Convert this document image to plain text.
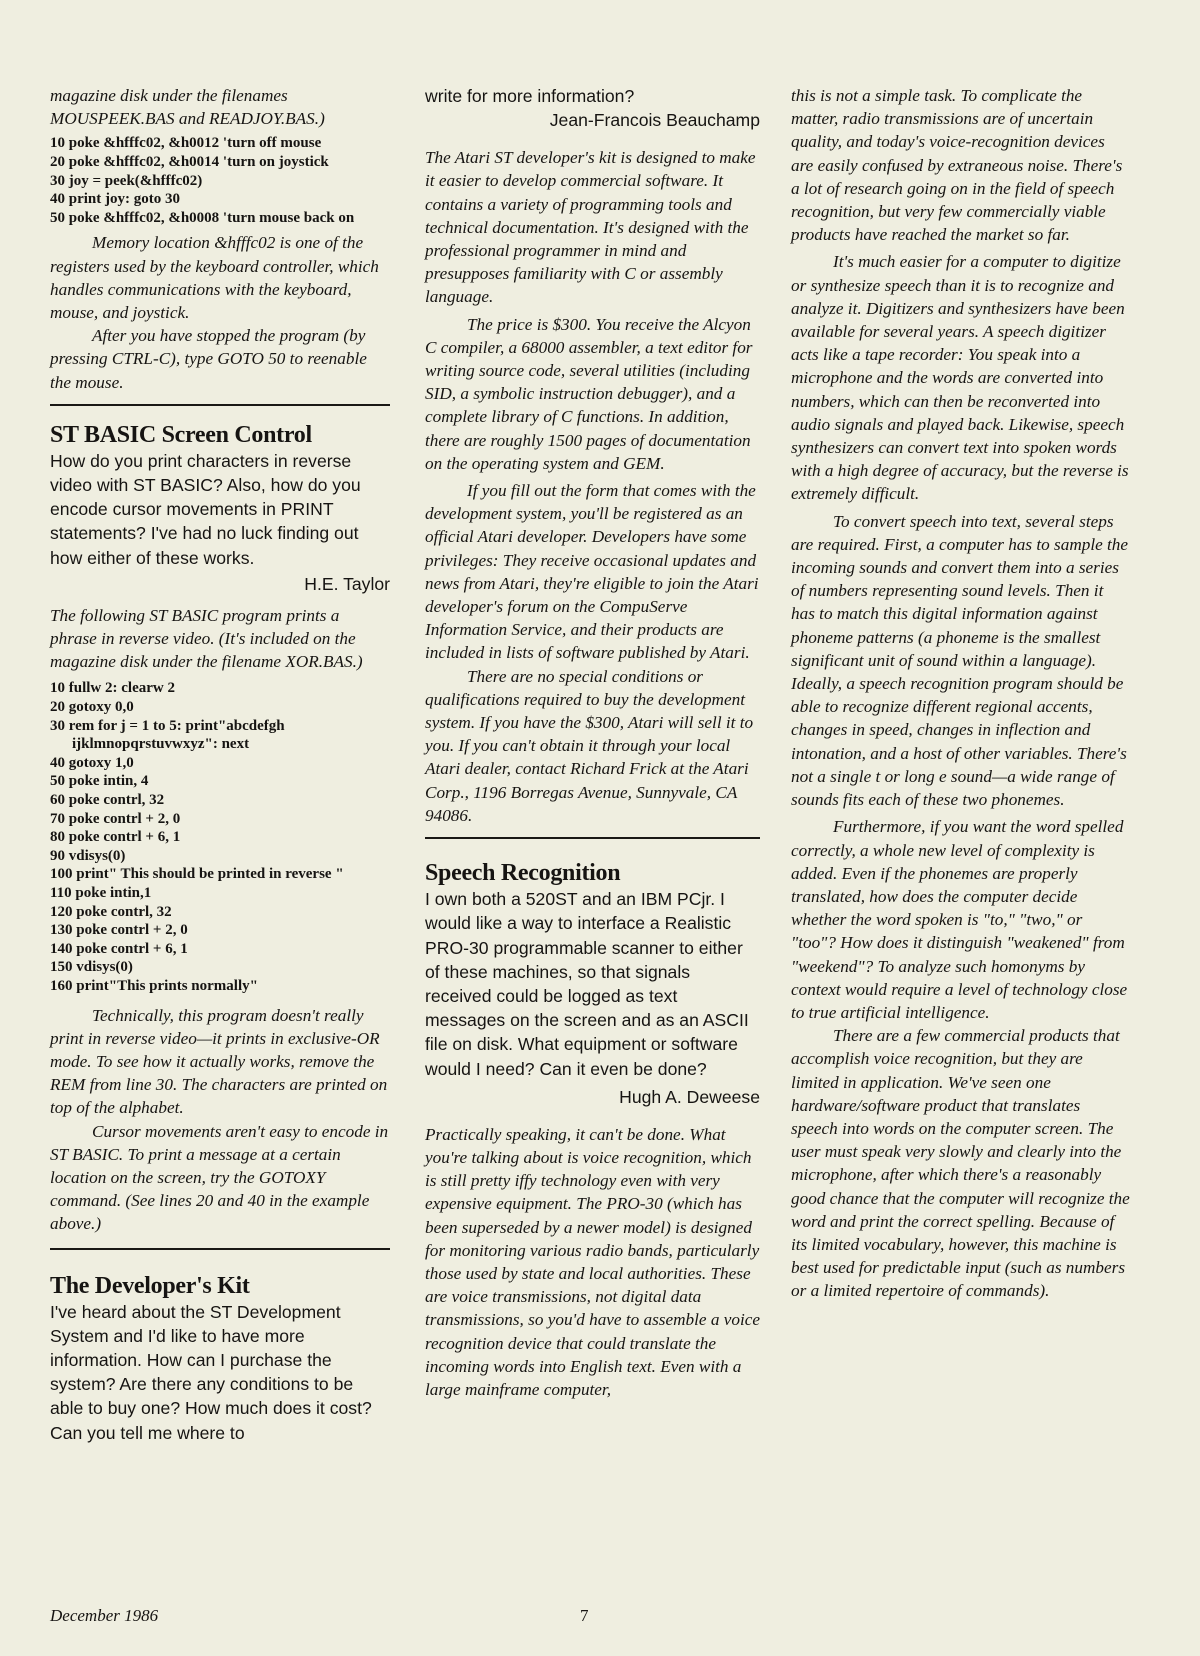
magazine disk under the filenames MOUSPEEK.BAS and READJOY.BAS.)

10 poke &hfffc02, &h0012 'turn off mouse
20 poke &hfffc02, &h0014 'turn on joystick
30 joy = peek(&hfffc02)
40 print joy: goto 30
50 poke &hfffc02, &h0008 'turn mouse back on

Memory location &hfffc02 is one of the registers used by the keyboard controller, which handles communications with the keyboard, mouse, and joystick.

After you have stopped the program (by pressing CTRL-C), type GOTO 50 to reenable the mouse.

ST BASIC Screen Control

How do you print characters in reverse video with ST BASIC? Also, how do you encode cursor movements in PRINT statements? I've had no luck finding out how either of these works.

H.E. Taylor

The following ST BASIC program prints a phrase in reverse video. (It's included on the magazine disk under the filename XOR.BAS.)

10 fullw 2: clearw 2
20 gotoxy 0,0
30 rem for j = 1 to 5: print"abcdefgh ijklmnopqrstuvwxyz": next
40 gotoxy 1,0
50 poke intin, 4
60 poke contrl, 32
70 poke contrl + 2, 0
80 poke contrl + 6, 1
90 vdisys(0)
100 print" This should be printed in reverse "
110 poke intin,1
120 poke contrl, 32
130 poke contrl + 2, 0
140 poke contrl + 6, 1
150 vdisys(0)
160 print"This prints normally"

Technically, this program doesn't really print in reverse video—it prints in exclusive-OR mode. To see how it actually works, remove the REM from line 30. The characters are printed on top of the alphabet.

Cursor movements aren't easy to encode in ST BASIC. To print a message at a certain location on the screen, try the GOTOXY command. (See lines 20 and 40 in the example above.)

The Developer's Kit

I've heard about the ST Development System and I'd like to have more information. How can I purchase the system? Are there any conditions to be able to buy one? How much does it cost? Can you tell me where to

write for more information?

Jean-Francois Beauchamp

The Atari ST developer's kit is designed to make it easier to develop commercial software. It contains a variety of programming tools and technical documentation. It's designed with the professional programmer in mind and presupposes familiarity with C or assembly language.

The price is $300. You receive the Alcyon C compiler, a 68000 assembler, a text editor for writing source code, several utilities (including SID, a symbolic instruction debugger), and a complete library of C functions. In addition, there are roughly 1500 pages of documentation on the operating system and GEM.

If you fill out the form that comes with the development system, you'll be registered as an official Atari developer. Developers have some privileges: They receive occasional updates and news from Atari, they're eligible to join the Atari developer's forum on the CompuServe Information Service, and their products are included in lists of software published by Atari.

There are no special conditions or qualifications required to buy the development system. If you have the $300, Atari will sell it to you. If you can't obtain it through your local Atari dealer, contact Richard Frick at the Atari Corp., 1196 Borregas Avenue, Sunnyvale, CA 94086.

Speech Recognition

I own both a 520ST and an IBM PCjr. I would like a way to interface a Realistic PRO-30 programmable scanner to either of these machines, so that signals received could be logged as text messages on the screen and as an ASCII file on disk. What equipment or software would I need? Can it even be done?

Hugh A. Deweese

Practically speaking, it can't be done. What you're talking about is voice recognition, which is still pretty iffy technology even with very expensive equipment. The PRO-30 (which has been superseded by a newer model) is designed for monitoring various radio bands, particularly those used by state and local authorities. These are voice transmissions, not digital data transmissions, so you'd have to assemble a voice recognition device that could translate the incoming words into English text. Even with a large mainframe computer,

this is not a simple task. To complicate the matter, radio transmissions are of uncertain quality, and today's voice-recognition devices are easily confused by extraneous noise. There's a lot of research going on in the field of speech recognition, but very few commercially viable products have reached the market so far.

It's much easier for a computer to digitize or synthesize speech than it is to recognize and analyze it. Digitizers and synthesizers have been available for several years. A speech digitizer acts like a tape recorder: You speak into a microphone and the words are converted into numbers, which can then be reconverted into audio signals and played back. Likewise, speech synthesizers can convert text into spoken words with a high degree of accuracy, but the reverse is extremely difficult.

To convert speech into text, several steps are required. First, a computer has to sample the incoming sounds and convert them into a series of numbers representing sound levels. Then it has to match this digital information against phoneme patterns (a phoneme is the smallest significant unit of sound within a language). Ideally, a speech recognition program should be able to recognize different regional accents, changes in speed, changes in inflection and intonation, and a host of other variables. There's not a single t or long e sound—a wide range of sounds fits each of these two phonemes.

Furthermore, if you want the word spelled correctly, a whole new level of complexity is added. Even if the phonemes are properly translated, how does the computer decide whether the word spoken is "to," "two," or "too"? How does it distinguish "weakened" from "weekend"? To analyze such homonyms by context would require a level of technology close to true artificial intelligence.

There are a few commercial products that accomplish voice recognition, but they are limited in application. We've seen one hardware/software product that translates speech into words on the computer screen. The user must speak very slowly and clearly into the microphone, after which there's a reasonably good chance that the computer will recognize the word and print the correct spelling. Because of its limited vocabulary, however, this machine is best used for predictable input (such as numbers or a limited repertoire of commands).

December 1986	7
